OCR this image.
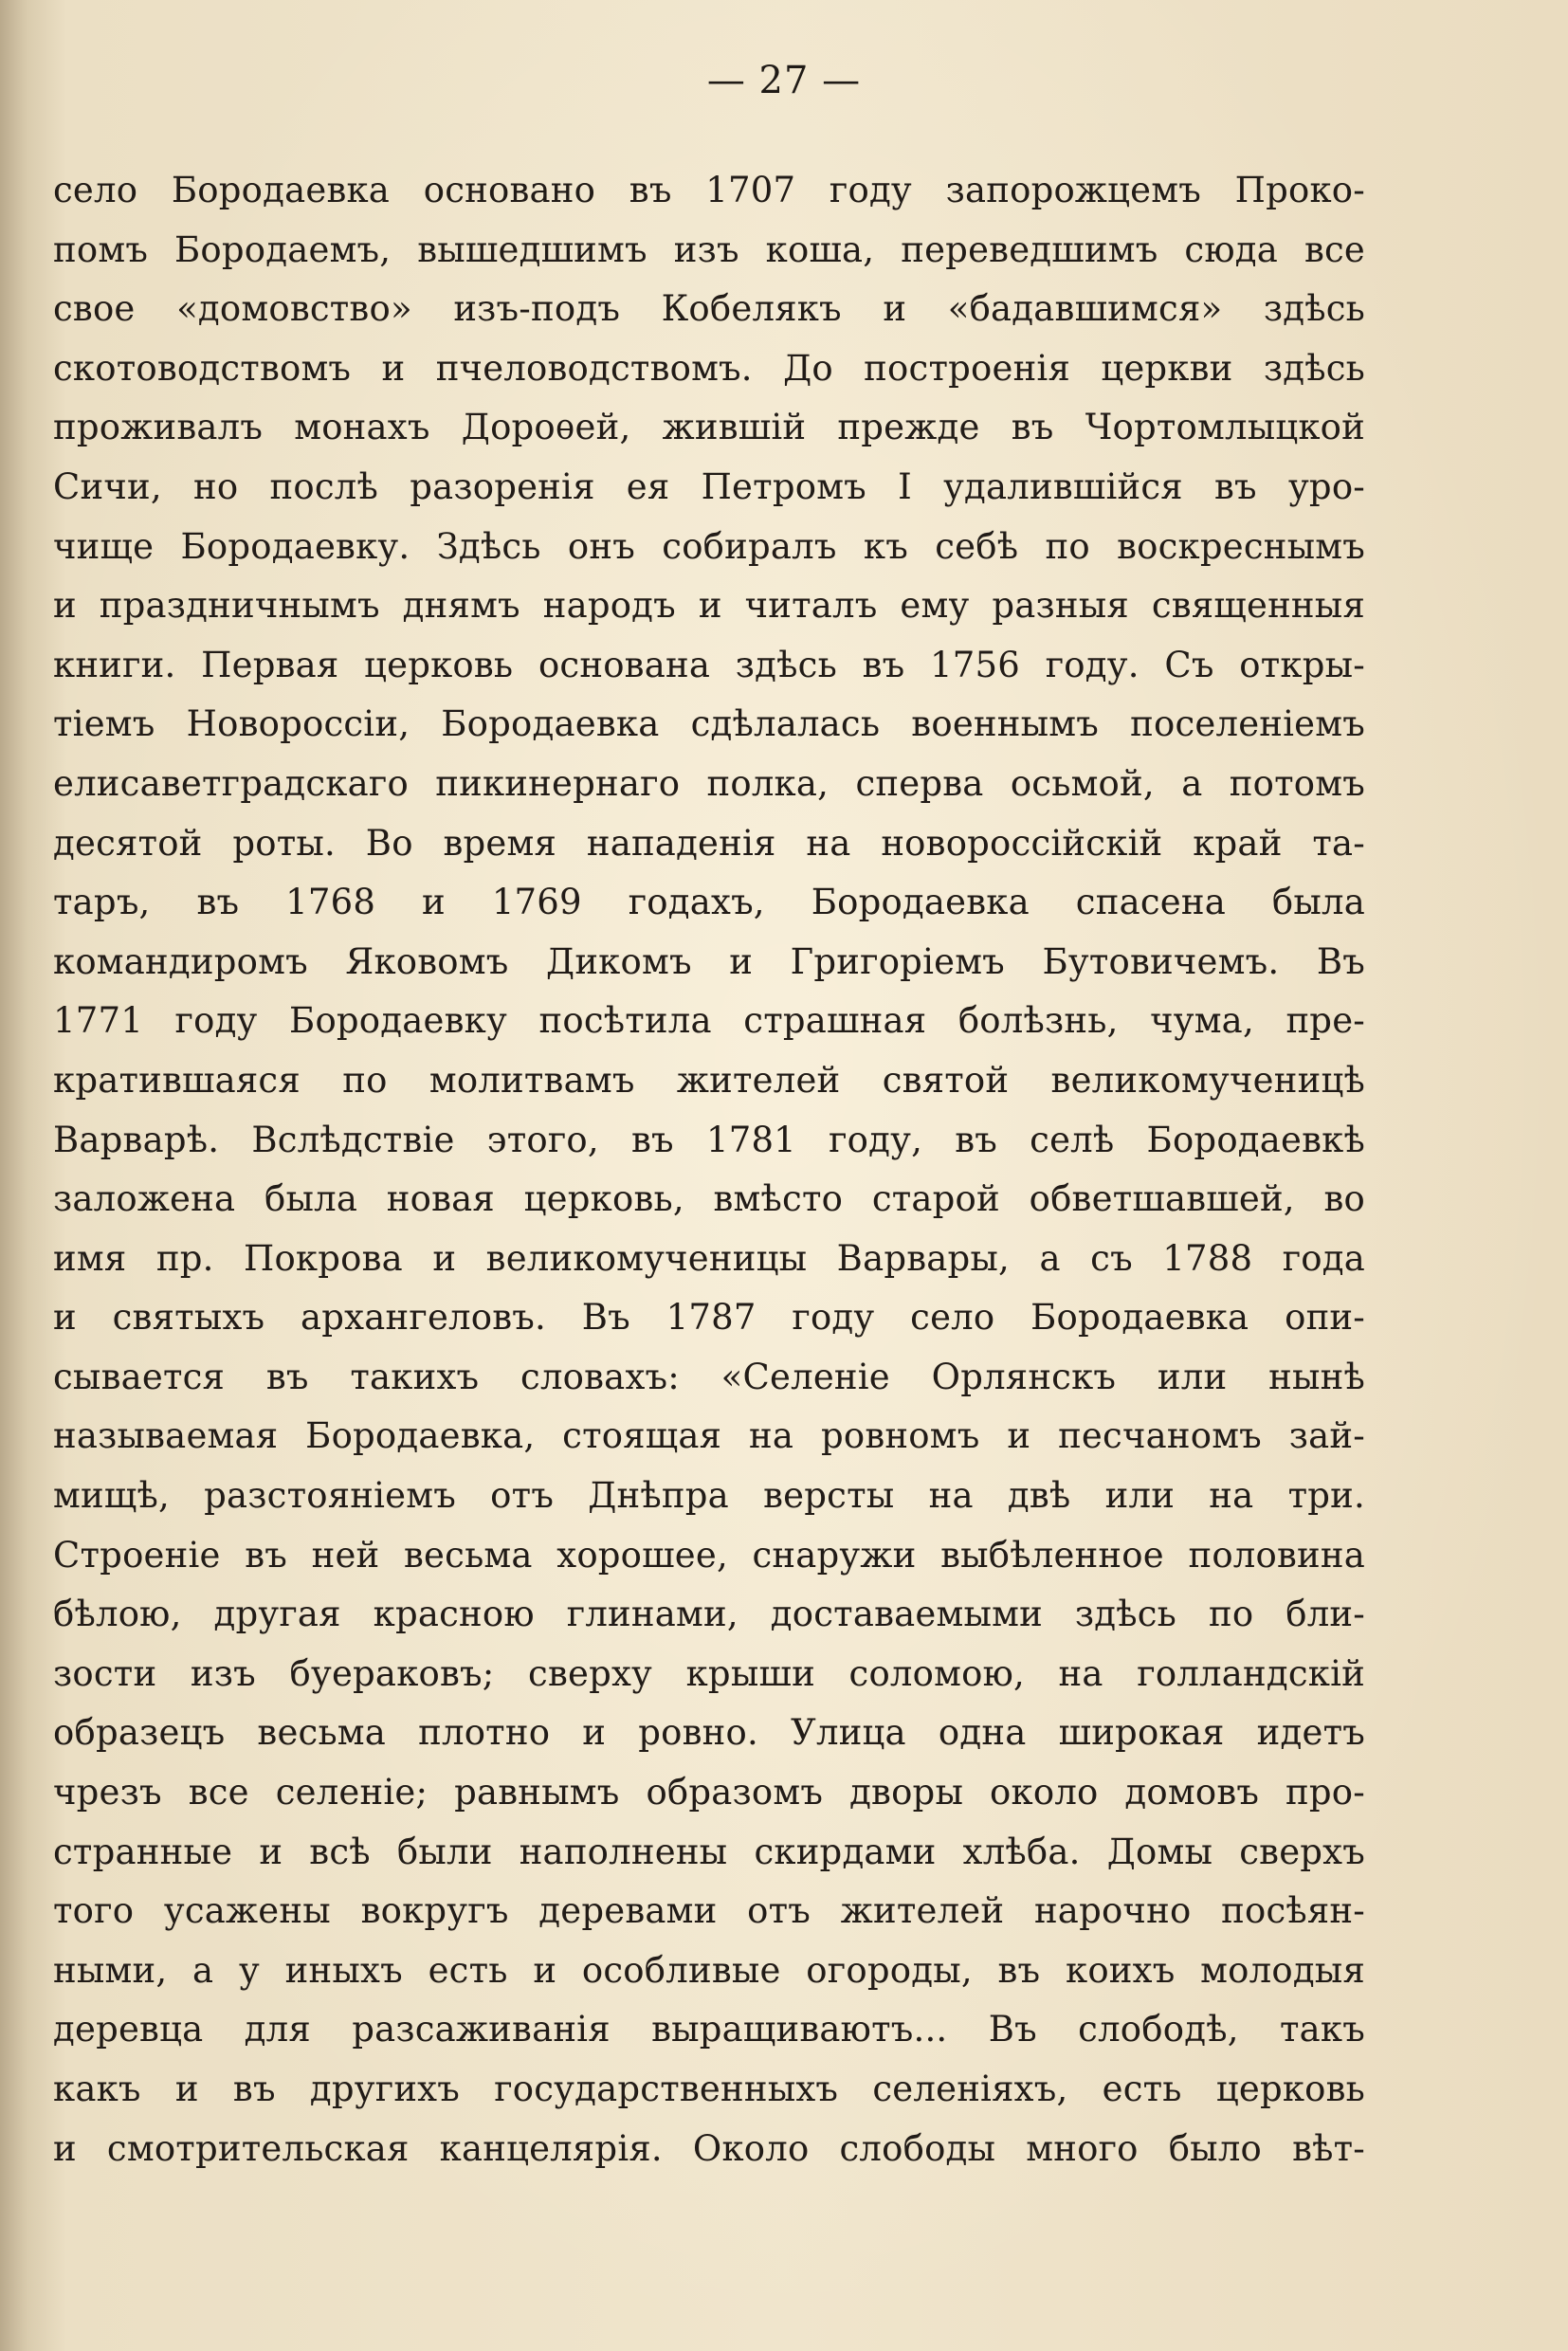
— 27 —
село Бородаевка основано въ 1707 году запорожцемъ Проко-
помъ Бородаемъ, вышедшимъ изъ коша, переведшимъ сюда все
свое «домовство» изъ-подъ Кобелякъ и «бадавшимся» здѣсь
скотоводствомъ и пчеловодствомъ. До построенія церкви здѣсь
проживалъ монахъ Дороѳей, жившій прежде въ Чортомлыцкой
Сичи, но послѣ разоренія ея Петромъ I удалившійся въ уро-
чище Бородаевку. Здѣсь онъ собиралъ къ себѣ по воскреснымъ
и праздничнымъ днямъ народъ и читалъ ему разныя священныя
книги. Первая церковь основана здѣсь въ 1756 году. Съ откры-
тіемъ Новороссіи, Бородаевка сдѣлалась военнымъ поселеніемъ
елисаветградскаго пикинернаго полка, сперва осьмой, а потомъ
десятой роты. Во время нападенія на новороссійскій край та-
таръ, въ 1768 и 1769 годахъ, Бородаевка спасена была
командиромъ Яковомъ Дикомъ и Григоріемъ Бутовичемъ. Въ
1771 году Бородаевку посѣтила страшная болѣзнь, чума, пре-
кратившаяся по молитвамъ жителей святой великомученицѣ
Варварѣ. Вслѣдствіе этого, въ 1781 году, въ селѣ Бородаевкѣ
заложена была новая церковь, вмѣсто старой обветшавшей, во
имя пр. Покрова и великомученицы Варвары, а съ 1788 года
и святыхъ архангеловъ. Въ 1787 году село Бородаевка опи-
сывается въ такихъ словахъ: «Селеніе Орлянскъ или нынѣ
называемая Бородаевка, стоящая на ровномъ и песчаномъ зай-
мищѣ, разстояніемъ отъ Днѣпра версты на двѣ или на три.
Строеніе въ ней весьма хорошее, снаружи выбѣленное половина
бѣлою, другая красною глинами, доставаемыми здѣсь по бли-
зости изъ буераковъ; сверху крыши соломою, на голландскій
образецъ весьма плотно и ровно. Улица одна широкая идетъ
чрезъ все селеніе; равнымъ образомъ дворы около домовъ про-
странные и всѣ были наполнены скирдами хлѣба. Домы сверхъ
того усажены вокругъ деревами отъ жителей нарочно посѣян-
ными, а у иныхъ есть и особливые огороды, въ коихъ молодыя
деревца для разсаживанія выращиваютъ... Въ слободѣ, такъ
какъ и въ другихъ государственныхъ селеніяхъ, есть церковь
и смотрительская канцелярія. Около слободы много было вѣт-
